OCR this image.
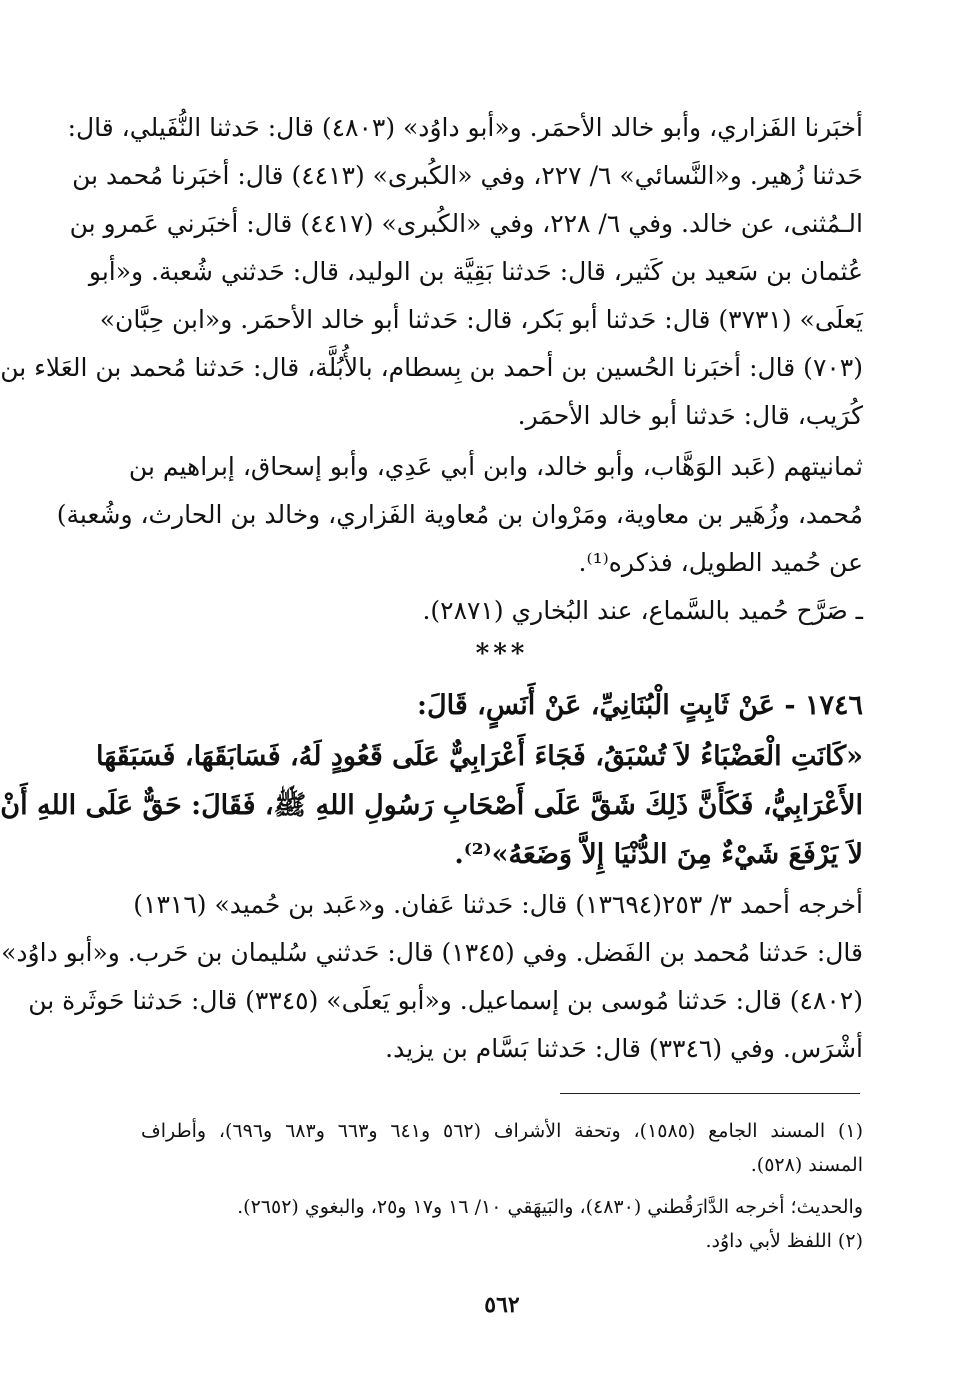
أخبَرنا الفَزاري، وأبو خالد الأحمَر. و«أبو داوُد» (٤٨٠٣) قال: حَدثنا النُّفَيلي، قال:
حَدثنا زُهير. و«النَّسائي» ٦/ ٢٢٧، وفي «الكُبرى» (٤٤١٣) قال: أخبَرنا مُحمد بن
الـمُثنى، عن خالد. وفي ٦/ ٢٢٨، وفي «الكُبرى» (٤٤١٧) قال: أخبَرني عَمرو بن
عُثمان بن سَعيد بن كَثير، قال: حَدثنا بَقِيَّة بن الوليد، قال: حَدثني شُعبة. و«أبو
يَعلَى» (٣٧٣١) قال: حَدثنا أبو بَكر، قال: حَدثنا أبو خالد الأحمَر. و«ابن حِبَّان»
(٧٠٣) قال: أخبَرنا الحُسين بن أحمد بن بِسطام، بالأُبُلَّة، قال: حَدثنا مُحمد بن العَلاء بن
كُرَيب، قال: حَدثنا أبو خالد الأحمَر.
ثمانيتهم (عَبد الوَهَّاب، وأبو خالد، وابن أبي عَدِي، وأبو إسحاق، إبراهيم بن
مُحمد، وزُهَير بن معاوية، ومَرْوان بن مُعاوية الفَزاري، وخالد بن الحارث، وشُعبة)
عن حُميد الطويل، فذكره⁽¹⁾.
ـ صَرَّح حُميد بالسَّماع، عند البُخاري (٢٨٧١).
***
١٧٤٦ - عَنْ ثَابِتٍ الْبُنَانِيِّ، عَنْ أَنَسٍ، قَالَ:
«كَانَتِ الْعَضْبَاءُ لاَ تُسْبَقُ، فَجَاءَ أَعْرَابِيٌّ عَلَى قَعُودٍ لَهُ، فَسَابَقَهَا، فَسَبَقَهَا
الأَعْرَابِيُّ، فَكَأَنَّ ذَلِكَ شَقَّ عَلَى أَصْحَابِ رَسُولِ اللهِ ﷺ، فَقَالَ: حَقٌّ عَلَى اللهِ أَنْ
لاَ يَرْفَعَ شَيْءٌ مِنَ الدُّنْيَا إِلاَّ وَضَعَهُ»⁽²⁾.
أخرجه أحمد ٣/ ٢٥٣(١٣٦٩٤) قال: حَدثنا عَفان. و«عَبد بن حُميد» (١٣١٦)
قال: حَدثنا مُحمد بن الفَضل. وفي (١٣٤٥) قال: حَدثني سُليمان بن حَرب. و«أبو داوُد»
(٤٨٠٢) قال: حَدثنا مُوسى بن إسماعيل. و«أبو يَعلَى» (٣٣٤٥) قال: حَدثنا حَوثَرة بن
أشْرَس. وفي (٣٣٤٦) قال: حَدثنا بَسَّام بن يزيد.
(١) المسند الجامع (١٥٨٥)، وتحفة الأشراف (٥٦٢ و٦٤١ و٦٦٣ و٦٨٣ و٦٩٦)، وأطراف
المسند (٥٢٨).
والحديث؛ أخرجه الدَّارَقُطني (٤٨٣٠)، والبَيهَقي ١٠/ ١٦ و١٧ و٢٥، والبغوي (٢٦٥٢).
(٢) اللفظ لأبي داوُد.
٥٦٢
